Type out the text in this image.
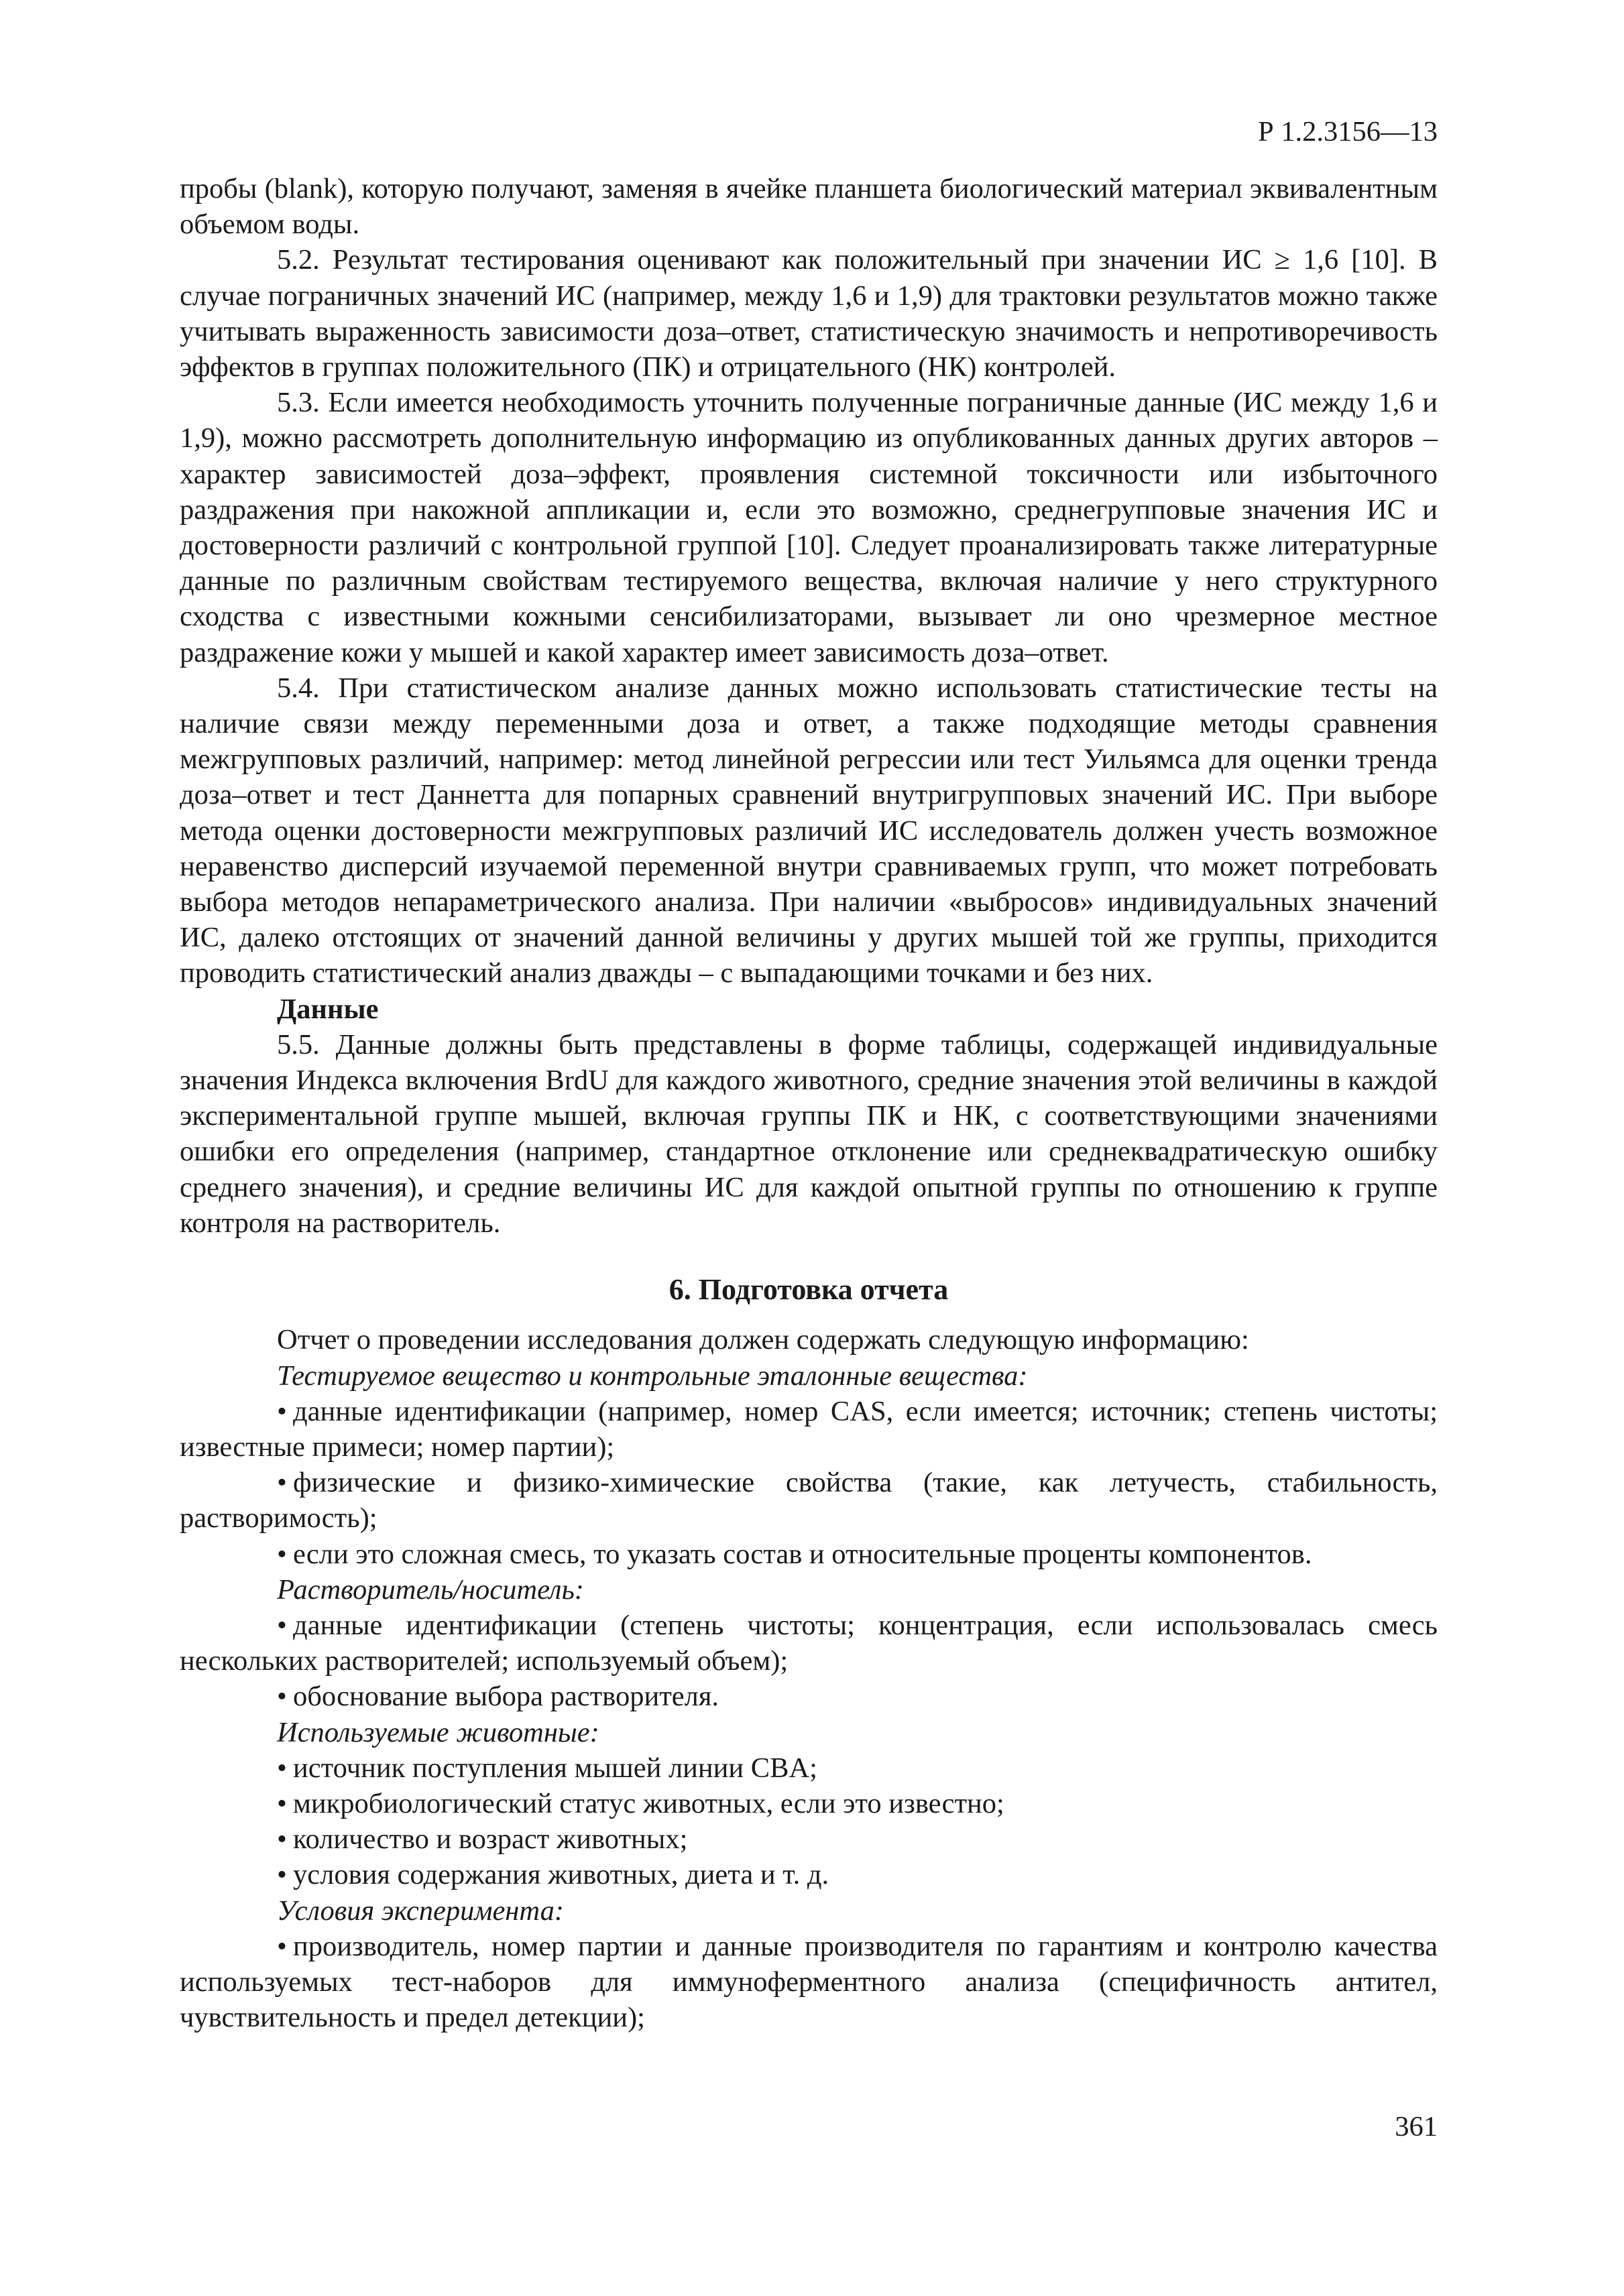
Р 1.2.3156—13

пробы (blank), которую получают, заменяя в ячейке планшета биологический материал эквивалентным объемом воды.

5.2. Результат тестирования оценивают как положительный при значении ИС ≥ 1,6 [10]. В случае пограничных значений ИС (например, между 1,6 и 1,9) для трактовки результатов можно также учитывать выраженность зависимости доза–ответ, статистическую значимость и непротиворечивость эффектов в группах положительного (ПК) и отрицательного (НК) контролей.

5.3. Если имеется необходимость уточнить полученные пограничные данные (ИС между 1,6 и 1,9), можно рассмотреть дополнительную информацию из опубликованных данных других авторов – характер зависимостей доза–эффект, проявления системной токсичности или избыточного раздражения при накожной аппликации и, если это возможно, среднегрупповые значения ИС и достоверности различий с контрольной группой [10]. Следует проанализировать также литературные данные по различным свойствам тестируемого вещества, включая наличие у него структурного сходства с известными кожными сенсибилизаторами, вызывает ли оно чрезмерное местное раздражение кожи у мышей и какой характер имеет зависимость доза–ответ.

5.4. При статистическом анализе данных можно использовать статистические тесты на наличие связи между переменными доза и ответ, а также подходящие методы сравнения межгрупповых различий, например: метод линейной регрессии или тест Уильямса для оценки тренда доза–ответ и тест Даннетта для попарных сравнений внутригрупповых значений ИС. При выборе метода оценки достоверности межгрупповых различий ИС исследователь должен учесть возможное неравенство дисперсий изучаемой переменной внутри сравниваемых групп, что может потребовать выбора методов непараметрического анализа. При наличии «выбросов» индивидуальных значений ИС, далеко отстоящих от значений данной величины у других мышей той же группы, приходится проводить статистический анализ дважды – с выпадающими точками и без них.

Данные

5.5. Данные должны быть представлены в форме таблицы, содержащей индивидуальные значения Индекса включения BrdU для каждого животного, средние значения этой величины в каждой экспериментальной группе мышей, включая группы ПК и НК, с соответствующими значениями ошибки его определения (например, стандартное отклонение или среднеквадратическую ошибку среднего значения), и средние величины ИС для каждой опытной группы по отношению к группе контроля на растворитель.

6. Подготовка отчета

Отчет о проведении исследования должен содержать следующую информацию:

Тестируемое вещество и контрольные эталонные вещества:

• данные идентификации (например, номер CAS, если имеется; источник; степень чистоты; известные примеси; номер партии);

• физические и физико-химические свойства (такие, как летучесть, стабильность, растворимость);

• если это сложная смесь, то указать состав и относительные проценты компонентов.

Растворитель/носитель:

• данные идентификации (степень чистоты; концентрация, если использовалась смесь нескольких растворителей; используемый объем);

• обоснование выбора растворителя.

Используемые животные:

• источник поступления мышей линии CBA;

• микробиологический статус животных, если это известно;

• количество и возраст животных;

• условия содержания животных, диета и т. д.

Условия эксперимента:

• производитель, номер партии и данные производителя по гарантиям и контролю качества используемых тест-наборов для иммуноферментного анализа (специфичность антител, чувствительность и предел детекции);

361
